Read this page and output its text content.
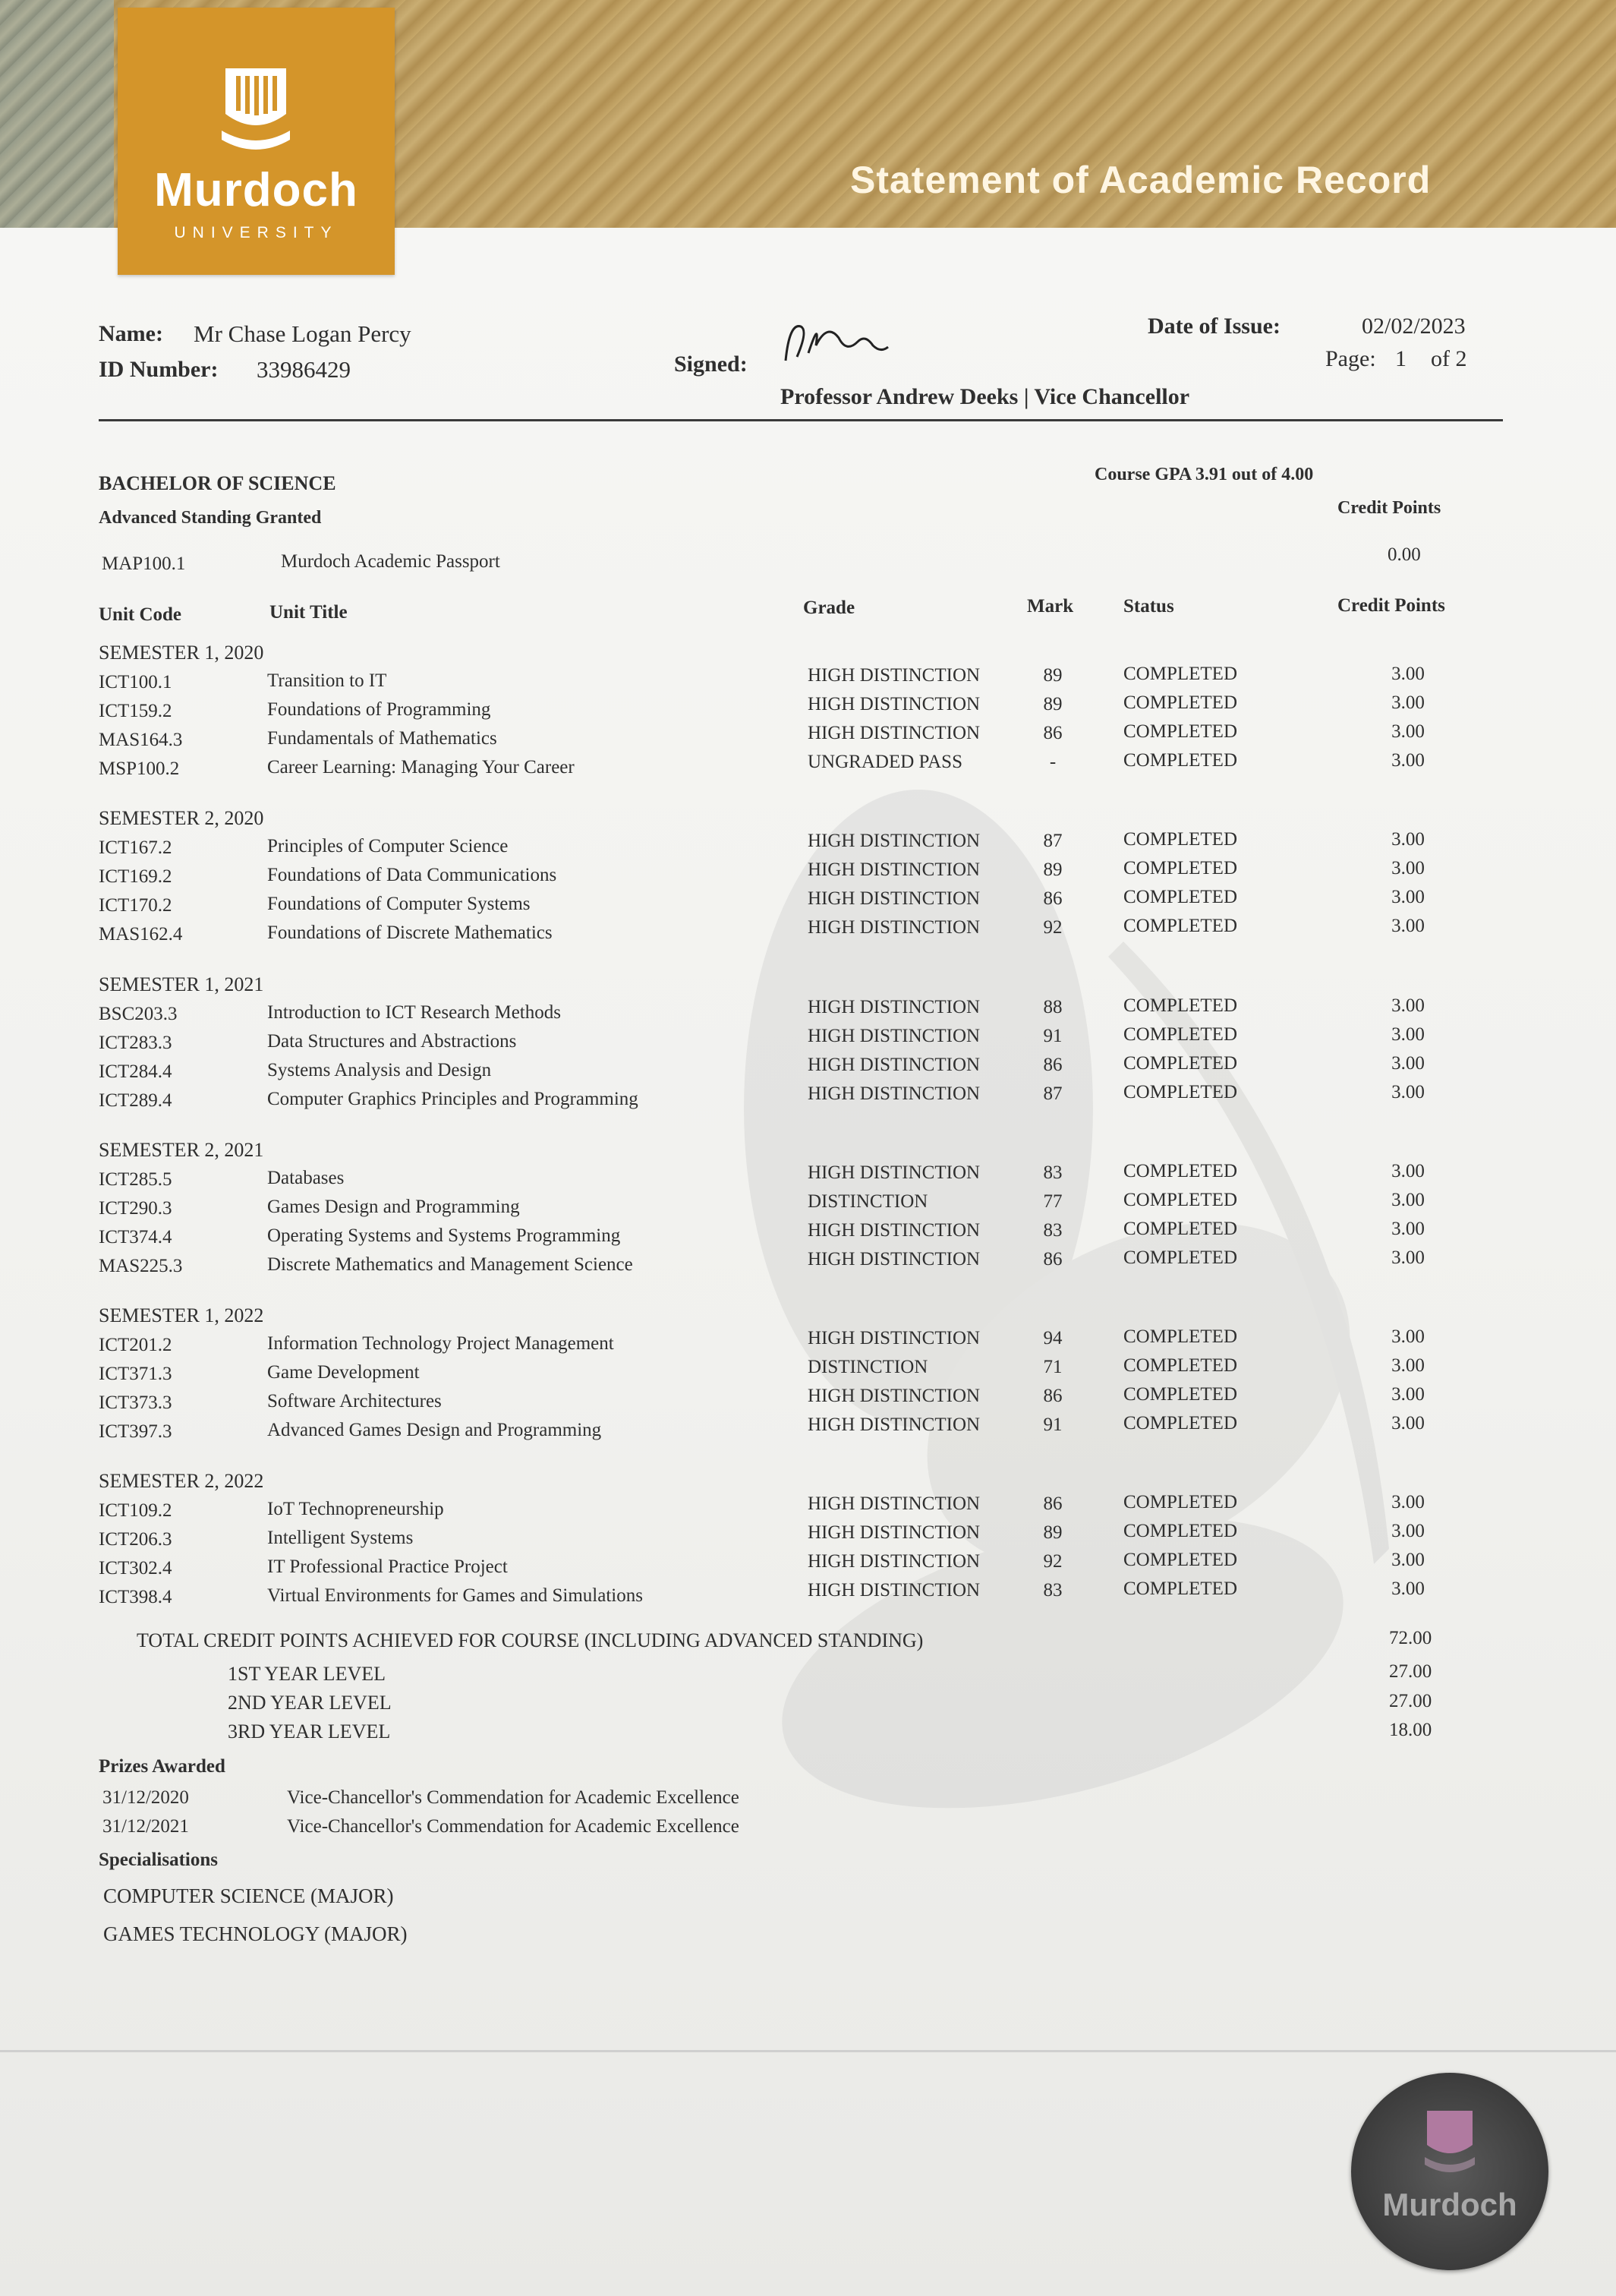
Murdoch
UNIVERSITY
Statement of Academic Record
Name: Mr Chase Logan Percy
ID Number: 33986429	Signed:
Professor Andrew Deeks | Vice Chancellor
Date of Issue:	02/02/2023
Page: 1 of 2
BACHELOR OF SCIENCE	Course GPA 3.91 out of 4.00
Advanced Standing Granted	Credit Points
MAP100.1	Murdoch Academic Passport	0.00
Unit Code	Unit Title	Grade	Mark	Status	Credit Points
SEMESTER 1, 2020
ICT100.1	Transition to IT	HIGH DISTINCTION	89	COMPLETED	3.00
ICT159.2	Foundations of Programming	HIGH DISTINCTION	89	COMPLETED	3.00
MAS164.3	Fundamentals of Mathematics	HIGH DISTINCTION	86	COMPLETED	3.00
MSP100.2	Career Learning: Managing Your Career	UNGRADED PASS	-	COMPLETED	3.00
SEMESTER 2, 2020
ICT167.2	Principles of Computer Science	HIGH DISTINCTION	87	COMPLETED	3.00
ICT169.2	Foundations of Data Communications	HIGH DISTINCTION	89	COMPLETED	3.00
ICT170.2	Foundations of Computer Systems	HIGH DISTINCTION	86	COMPLETED	3.00
MAS162.4	Foundations of Discrete Mathematics	HIGH DISTINCTION	92	COMPLETED	3.00
SEMESTER 1, 2021
BSC203.3	Introduction to ICT Research Methods	HIGH DISTINCTION	88	COMPLETED	3.00
ICT283.3	Data Structures and Abstractions	HIGH DISTINCTION	91	COMPLETED	3.00
ICT284.4	Systems Analysis and Design	HIGH DISTINCTION	86	COMPLETED	3.00
ICT289.4	Computer Graphics Principles and Programming	HIGH DISTINCTION	87	COMPLETED	3.00
SEMESTER 2, 2021
ICT285.5	Databases	HIGH DISTINCTION	83	COMPLETED	3.00
ICT290.3	Games Design and Programming	DISTINCTION	77	COMPLETED	3.00
ICT374.4	Operating Systems and Systems Programming	HIGH DISTINCTION	83	COMPLETED	3.00
MAS225.3	Discrete Mathematics and Management Science	HIGH DISTINCTION	86	COMPLETED	3.00
SEMESTER 1, 2022
ICT201.2	Information Technology Project Management	HIGH DISTINCTION	94	COMPLETED	3.00
ICT371.3	Game Development	DISTINCTION	71	COMPLETED	3.00
ICT373.3	Software Architectures	HIGH DISTINCTION	86	COMPLETED	3.00
ICT397.3	Advanced Games Design and Programming	HIGH DISTINCTION	91	COMPLETED	3.00
SEMESTER 2, 2022
ICT109.2	IoT Technopreneurship	HIGH DISTINCTION	86	COMPLETED	3.00
ICT206.3	Intelligent Systems	HIGH DISTINCTION	89	COMPLETED	3.00
ICT302.4	IT Professional Practice Project	HIGH DISTINCTION	92	COMPLETED	3.00
ICT398.4	Virtual Environments for Games and Simulations	HIGH DISTINCTION	83	COMPLETED	3.00
TOTAL CREDIT POINTS ACHIEVED FOR COURSE (INCLUDING ADVANCED STANDING)	72.00
1ST YEAR LEVEL	27.00
2ND YEAR LEVEL	27.00
3RD YEAR LEVEL	18.00
Prizes Awarded
31/12/2020	Vice-Chancellor's Commendation for Academic Excellence
31/12/2021	Vice-Chancellor's Commendation for Academic Excellence
Specialisations
COMPUTER SCIENCE (MAJOR)
GAMES TECHNOLOGY (MAJOR)
Murdoch
